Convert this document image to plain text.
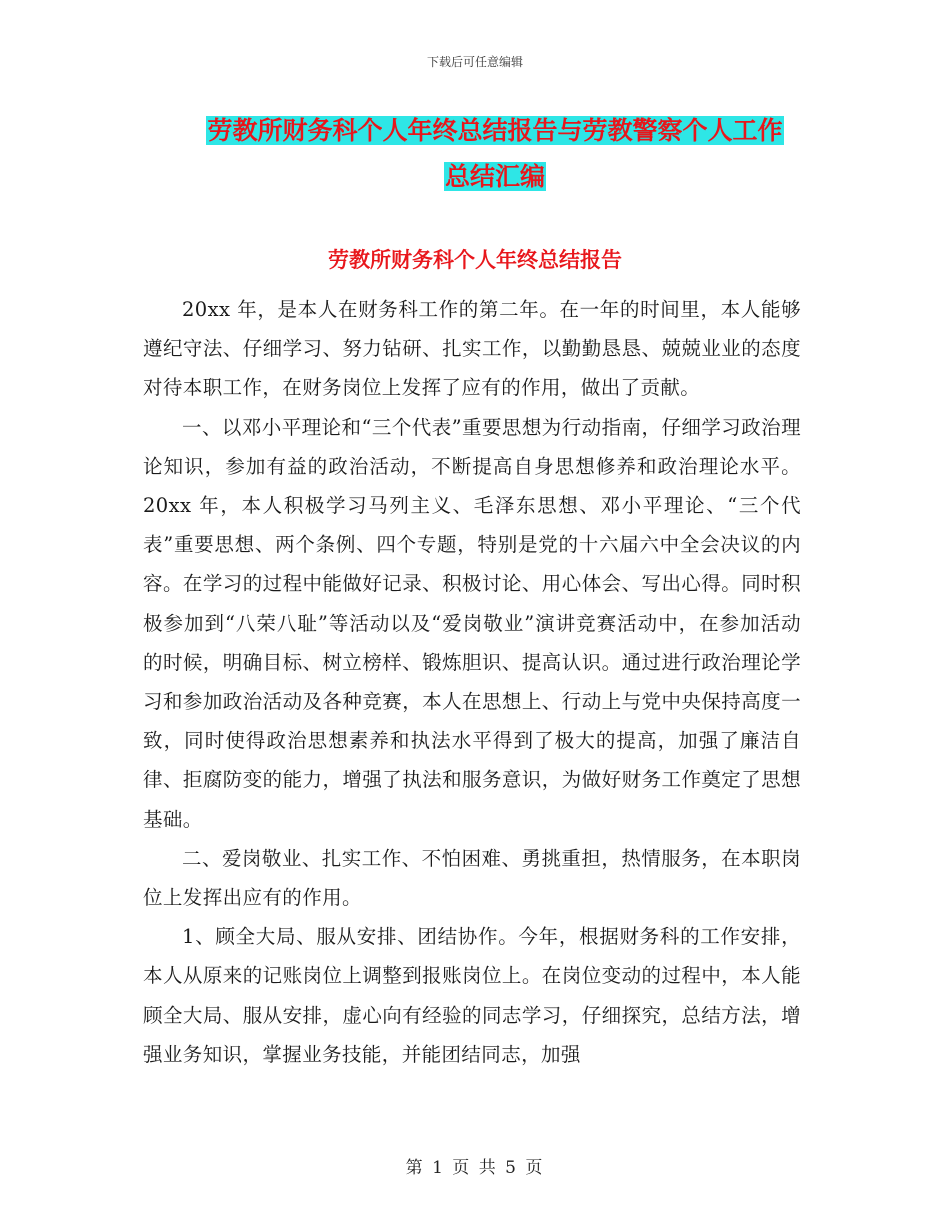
下载后可任意编辑
劳教所财务科个人年终总结报告与劳教警察个人工作
总结汇编
劳教所财务科个人年终总结报告

20xx 年，是本人在财务科工作的第二年。在一年的时间里，本人能够遵纪守法、仔细学习、努力钻研、扎实工作，以勤勤恳恳、兢兢业业的态度对待本职工作，在财务岗位上发挥了应有的作用，做出了贡献。

一、以邓小平理论和“三个代表”重要思想为行动指南，仔细学习政治理论知识，参加有益的政治活动，不断提高自身思想修养和政治理论水平。20xx 年，本人积极学习马列主义、毛泽东思想、邓小平理论、“三个代表”重要思想、两个条例、四个专题，特别是党的十六届六中全会决议的内容。在学习的过程中能做好记录、积极讨论、用心体会、写出心得。同时积极参加到“八荣八耻”等活动以及“爱岗敬业”演讲竞赛活动中，在参加活动的时候，明确目标、树立榜样、锻炼胆识、提高认识。通过进行政治理论学习和参加政治活动及各种竞赛，本人在思想上、行动上与党中央保持高度一致，同时使得政治思想素养和执法水平得到了极大的提高，加强了廉洁自律、拒腐防变的能力，增强了执法和服务意识，为做好财务工作奠定了思想基础。

二、爱岗敬业、扎实工作、不怕困难、勇挑重担，热情服务，在本职岗位上发挥出应有的作用。

1、顾全大局、服从安排、团结协作。今年，根据财务科的工作安排，本人从原来的记账岗位上调整到报账岗位上。在岗位变动的过程中，本人能顾全大局、服从安排，虚心向有经验的同志学习，仔细探究，总结方法，增强业务知识，掌握业务技能，并能团结同志，加强

第 1 页 共 5 页
